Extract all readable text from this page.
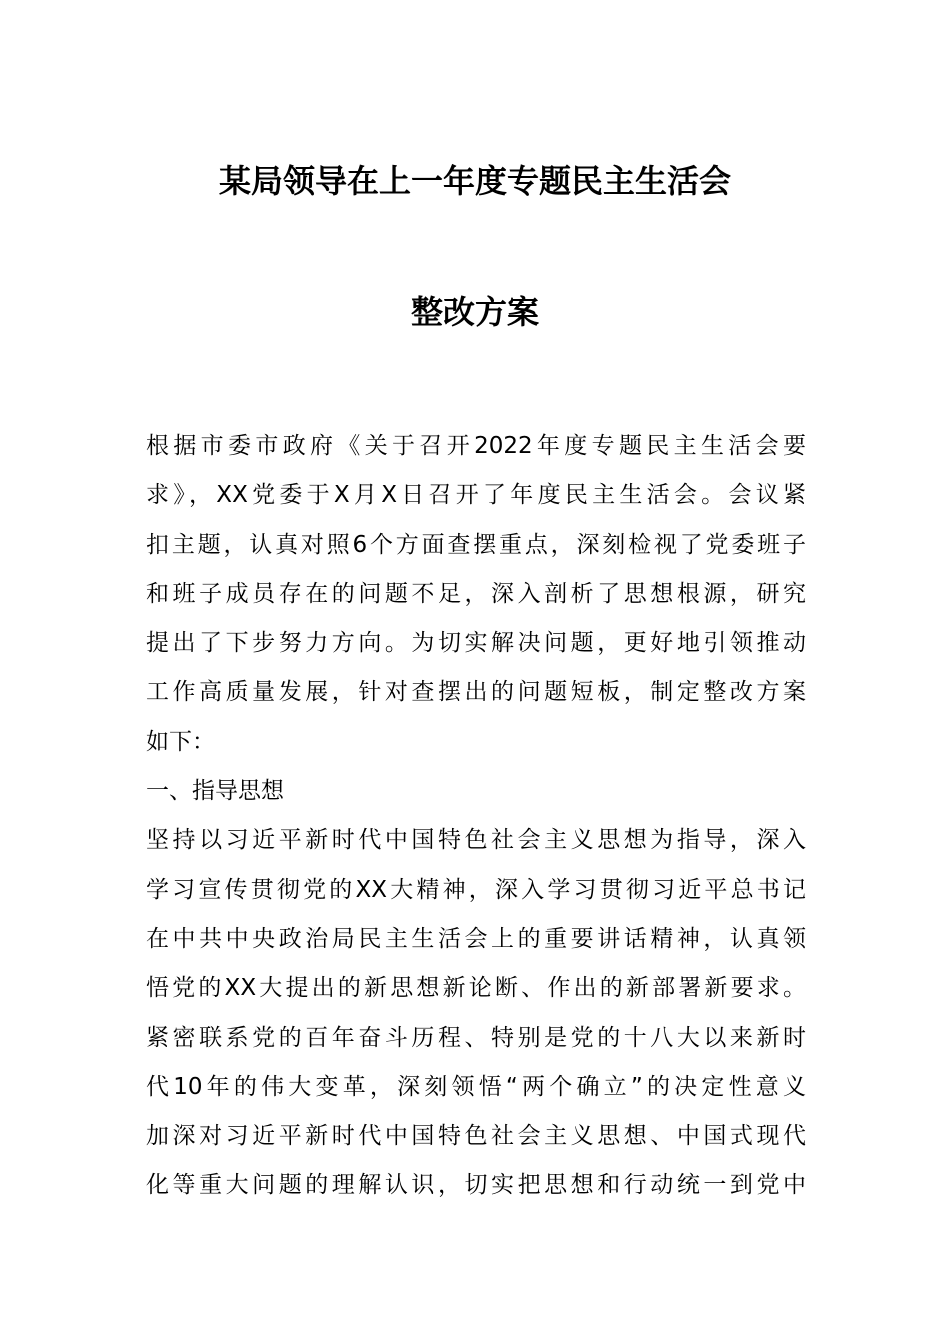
某局领导在上一年度专题民主生活会
整改方案
根据市委市政府《关于召开2022年度专题民主生活会要
求》，XX党委于X月X日召开了年度民主生活会。会议紧
扣主题，认真对照6个方面查摆重点，深刻检视了党委班子
和班子成员存在的问题不足，深入剖析了思想根源，研究
提出了下步努力方向。为切实解决问题，更好地引领推动
工作高质量发展，针对查摆出的问题短板，制定整改方案
如下：
一、指导思想
坚持以习近平新时代中国特色社会主义思想为指导，深入
学习宣传贯彻党的XX大精神，深入学习贯彻习近平总书记
在中共中央政治局民主生活会上的重要讲话精神，认真领
悟党的XX大提出的新思想新论断、作出的新部署新要求。
紧密联系党的百年奋斗历程、特别是党的十八大以来新时
代10年的伟大变革，深刻领悟“两个确立”的决定性意义
加深对习近平新时代中国特色社会主义思想、中国式现代
化等重大问题的理解认识，切实把思想和行动统一到党中
